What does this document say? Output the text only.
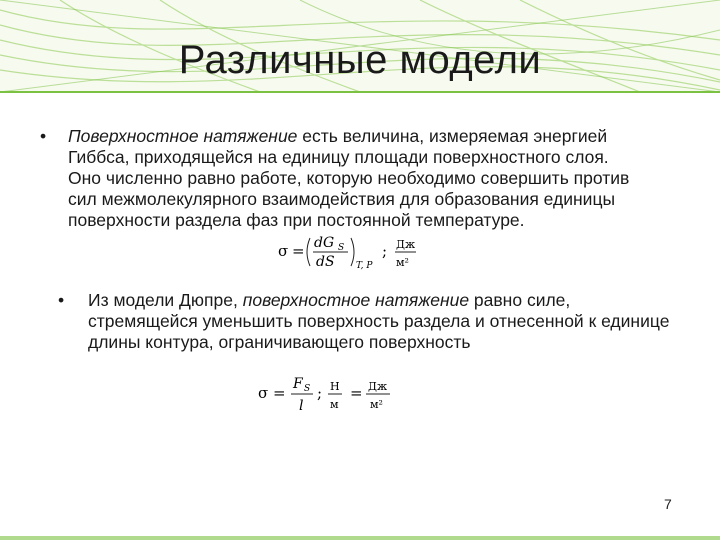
Различные модели
• Поверхностное натяжение есть величина, измеряемая энергией Гиббса, приходящейся на единицу площади поверхностного слоя. Оно численно равно работе, которую необходимо совершить против сил межмолекулярного взаимодействия для образования единицы поверхности раздела фаз при постоянной температуре.
σ = dG S
dS T, P
; Дж
м²
• Из модели Дюпре, поверхностное натяжение равно силе, стремящейся уменьшить поверхность раздела и отнесенной к единице длины контура, ограничивающего поверхность
σ = F S
l
; Н
м
= Дж
м²
7
